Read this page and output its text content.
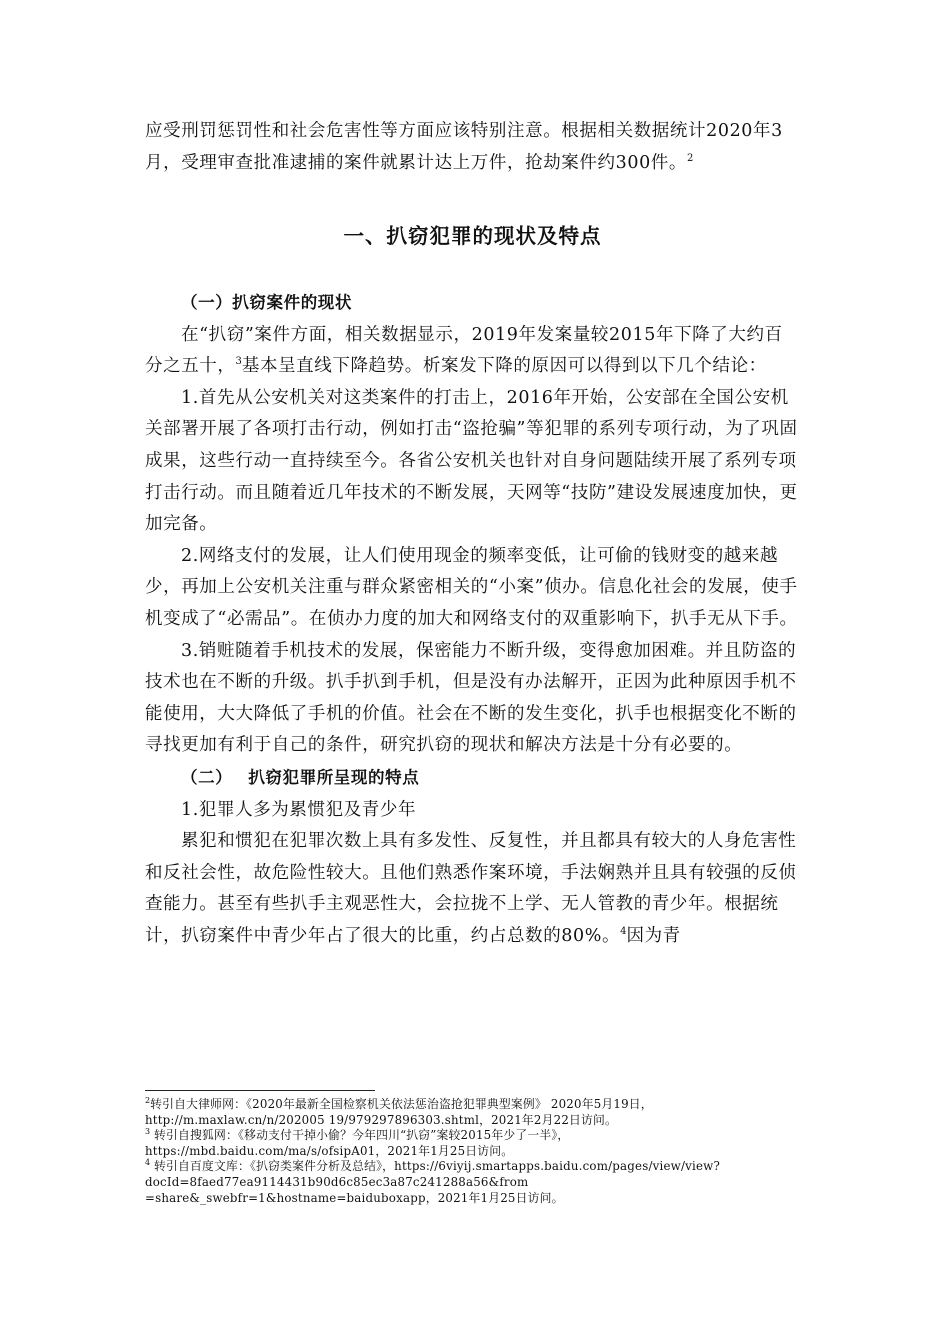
应受刑罚惩罚性和社会危害性等方面应该特别注意。根据相关数据统计2020年3月，受理审查批准逮捕的案件就累计达上万件，抢劫案件约300件。$^2$

一、扒窃犯罪的现状及特点

（一）扒窃案件的现状

在“扒窃”案件方面，相关数据显示，2019年发案量较2015年下降了大约百分之五十，$^3$基本呈直线下降趋势。析案发下降的原因可以得到以下几个结论：

1.首先从公安机关对这类案件的打击上，2016年开始，公安部在全国公安机关部署开展了各项打击行动，例如打击“盗抢骗”等犯罪的系列专项行动，为了巩固成果，这些行动一直持续至今。各省公安机关也针对自身问题陆续开展了系列专项打击行动。而且随着近几年技术的不断发展，天网等“技防”建设发展速度加快，更加完备。

2.网络支付的发展，让人们使用现金的频率变低，让可偷的钱财变的越来越少，再加上公安机关注重与群众紧密相关的“小案”侦办。信息化社会的发展，使手机变成了“必需品”。在侦办力度的加大和网络支付的双重影响下，扒手无从下手。

3.销赃随着手机技术的发展，保密能力不断升级，变得愈加困难。并且防盗的技术也在不断的升级。扒手扒到手机，但是没有办法解开，正因为此种原因手机不能使用，大大降低了手机的价值。社会在不断的发生变化，扒手也根据变化不断的寻找更加有利于自己的条件，研究扒窃的现状和解决方法是十分有必要的。

（二） 扒窃犯罪所呈现的特点

1.犯罪人多为累惯犯及青少年

累犯和惯犯在犯罪次数上具有多发性、反复性，并且都具有较大的人身危害性和反社会性，故危险性较大。且他们熟悉作案环境，手法娴熟并且具有较强的反侦查能力。甚至有些扒手主观恶性大，会拉拢不上学、无人管教的青少年。根据统计，扒窃案件中青少年占了很大的比重，约占总数的80%。$^4$因为青

$^2$转引自大律师网：《2020年最新全国检察机关依法惩治盗抢犯罪典型案例》 2020年5月19日，http://m.maxlaw.cn/n/202005 19/979297896303.shtml，2021年2月22日访问。

$^3$ 转引自搜狐网：《移动支付干掉小偷？今年四川“扒窃”案较2015年少了一半》，https://mbd.baidu.com/ma/s/ofsipA01，2021年1月25日访问。

$^4$ 转引自百度文库：《扒窃类案件分析及总结》，https://6viyij.smartapps.baidu.com/pages/view/view?docId=8faed77ea9114431b90d6c85ec3a87c241288a56&from =share&_swebfr=1&hostname=baiduboxapp，2021年1月25日访问。
